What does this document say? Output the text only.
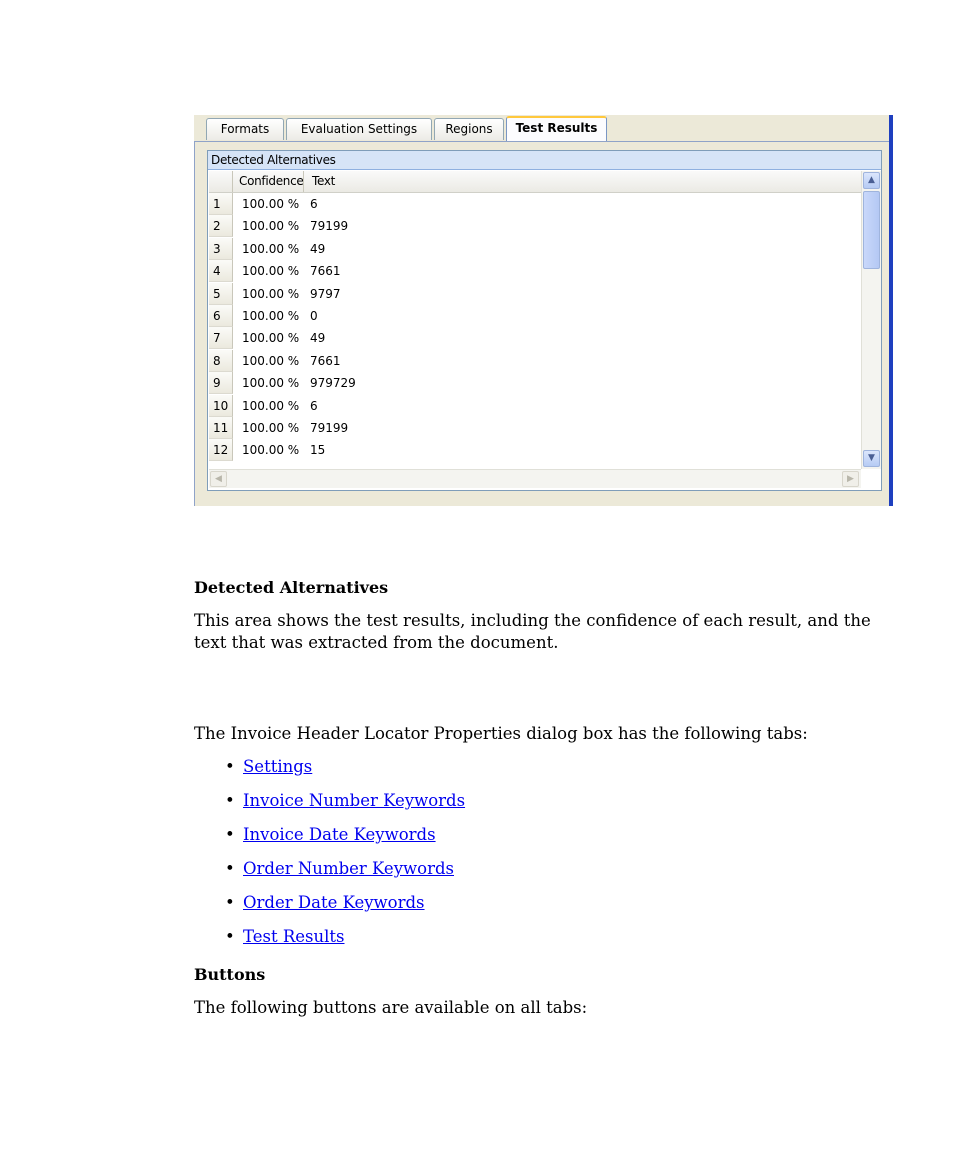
Formats	Evaluation Settings	Regions	Test Results
Detected Alternatives
Confidence Text
1	100.00 % 6
2	100.00 % 79199
3	100.00 % 49
4	100.00 % 7661
5	100.00 % 9797
6	100.00 % 0
7	100.00 % 49
8	100.00 % 7661
9	100.00 % 979729
10	100.00 % 6
11	100.00 % 79199
12	100.00 % 15
▲
▼
◀	▶
Detected Alternatives

This area shows the test results, including the confidence of each result, and the text that was extracted from the document.

The Invoice Header Locator Properties dialog box has the following tabs:

• Settings
• Invoice Number Keywords
• Invoice Date Keywords
• Order Number Keywords
• Order Date Keywords
• Test Results
Buttons

The following buttons are available on all tabs:
